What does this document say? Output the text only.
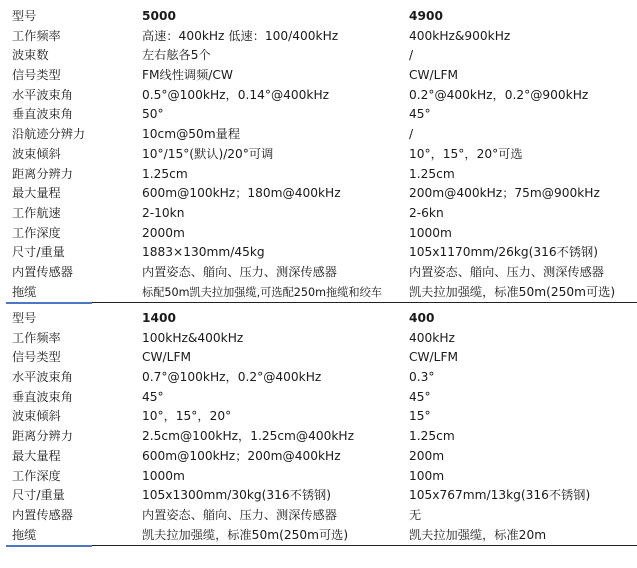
型号	5000	4900
工作频率	高速：400kHz 低速：100/400kHz	400kHz&900kHz
波束数	左右舷各5个	/
信号类型	FM线性调频/CW	CW/LFM
水平波束角	0.5°@100kHz，0.14°@400kHz	0.2°@400kHz，0.2°@900kHz
垂直波束角	50°	45°
沿航迹分辨力	10cm@50m量程	/
波束倾斜	10°/15°(默认)/20°可调	10°，15°，20°可选
距离分辨力	1.25cm	1.25cm
最大量程	600m@100kHz；180m@400kHz	200m@400kHz；75m@900kHz
工作航速	2-10kn	2-6kn
工作深度	2000m	1000m
尺寸/重量	1883×130mm/45kg	105x1170mm/26kg(316不锈钢)
内置传感器	内置姿态、艏向、压力、测深传感器	内置姿态、艏向、压力、测深传感器
拖缆	标配50m凯夫拉加强缆,可选配250m拖缆和绞车	凯夫拉加强缆，标准50m(250m可选)
型号	1400	400
工作频率	100kHz&400kHz	400kHz
信号类型	CW/LFM	CW/LFM
水平波束角	0.7°@100kHz，0.2°@400kHz	0.3°
垂直波束角	45°	45°
波束倾斜	10°，15°，20°	15°
距离分辨力	2.5cm@100kHz，1.25cm@400kHz	1.25cm
最大量程	600m@100kHz；200m@400kHz	200m
工作深度	1000m	100m
尺寸/重量	105x1300mm/30kg(316不锈钢)	105x767mm/13kg(316不锈钢)
内置传感器	内置姿态、艏向、压力、测深传感器	无
拖缆	凯夫拉加强缆，标准50m(250m可选)	凯夫拉加强缆，标准20m
